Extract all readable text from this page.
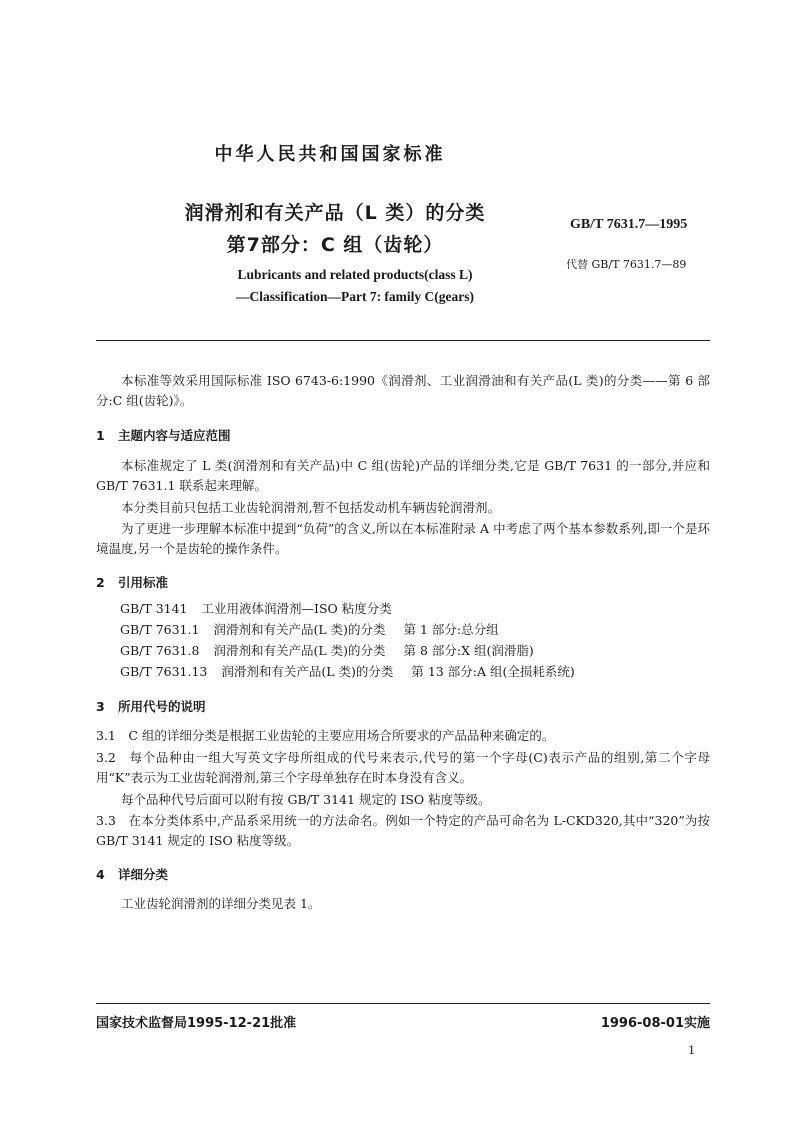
中华人民共和国国家标准
润滑剂和有关产品（L 类）的分类
第7部分：C 组（齿轮）
Lubricants and related products(class L)
—Classification—Part 7: family C(gears)
GB/T 7631.7—1995
代替 GB/T 7631.7—89

本标准等效采用国际标准 ISO 6743-6:1990《润滑剂、工业润滑油和有关产品(L 类)的分类——第 6 部分:C 组(齿轮)》。

1 主题内容与适应范围

本标准规定了 L 类(润滑剂和有关产品)中 C 组(齿轮)产品的详细分类,它是 GB/T 7631 的一部分,并应和 GB/T 7631.1 联系起来理解。

本分类目前只包括工业齿轮润滑剂,暂不包括发动机车辆齿轮润滑剂。

为了更进一步理解本标准中提到“负荷”的含义,所以在本标准附录 A 中考虑了两个基本参数系列,即一个是环境温度,另一个是齿轮的操作条件。

2 引用标准
GB/T 3141 工业用液体润滑剂—ISO 粘度分类
GB/T 7631.1 润滑剂和有关产品(L 类)的分类 第 1 部分:总分组
GB/T 7631.8 润滑剂和有关产品(L 类)的分类 第 8 部分:X 组(润滑脂)
GB/T 7631.13 润滑剂和有关产品(L 类)的分类 第 13 部分:A 组(全损耗系统)
3 所用代号的说明

3.1　C 组的详细分类是根据工业齿轮的主要应用场合所要求的产品品种来确定的。

3.2　每个品种由一组大写英文字母所组成的代号来表示,代号的第一个字母(C)表示产品的组别,第二个字母用“K”表示为工业齿轮润滑剂,第三个字母单独存在时本身没有含义。

每个品种代号后面可以附有按 GB/T 3141 规定的 ISO 粘度等级。

3.3　在本分类体系中,产品系采用统一的方法命名。例如一个特定的产品可命名为 L-CKD320,其中“320”为按 GB/T 3141 规定的 ISO 粘度等级。

4 详细分类

工业齿轮润滑剂的详细分类见表 1。

国家技术监督局1995-12-21批准	1996-08-01实施
1
